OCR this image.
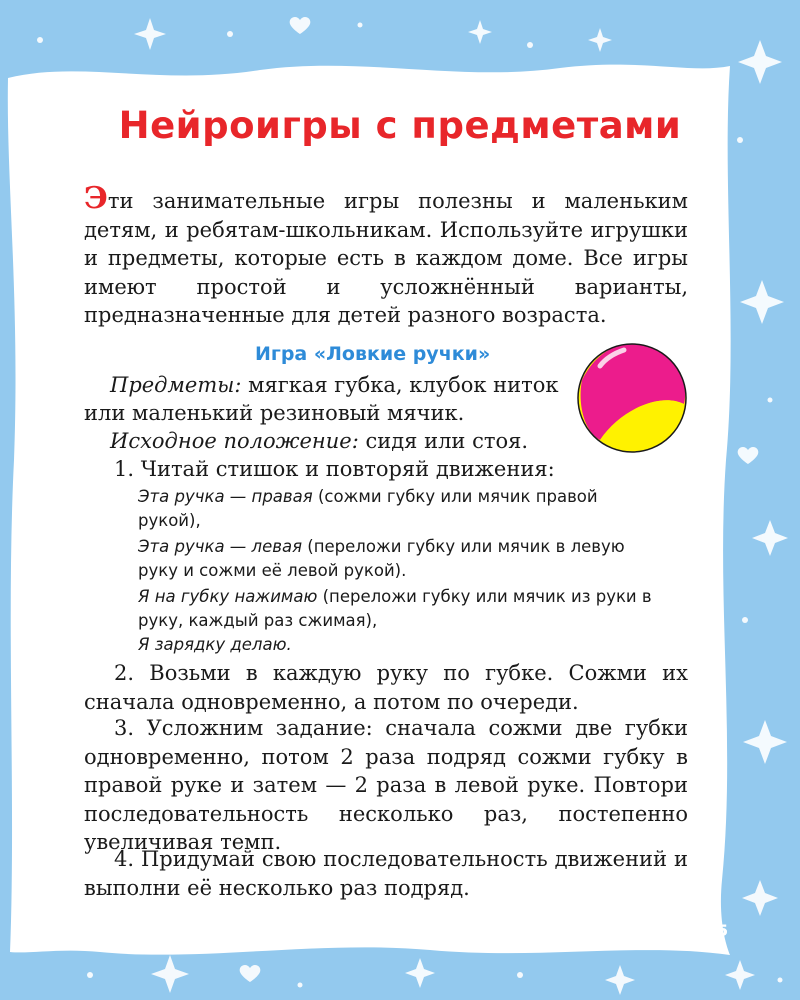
Нейроигры с предметами
Эти занимательные игры полезны и маленьким детям, и ребятам-школьникам. Используйте игрушки и предметы, которые есть в каждом доме. Все игры имеют простой и усложнённый варианты, предназначенные для детей разного возраста.
Игра «Ловкие ручки»
Предметы: мягкая губка, клубок ниток
или маленький резиновый мячик.
Исходное положение: сидя или стоя.
1. Читай стишок и повторяй движения:
Эта ручка — правая (сожми губку или мячик правой рукой),
Эта ручка — левая (переложи губку или мячик в левую руку и сожми её левой рукой).
Я на губку нажимаю (переложи губку или мячик из руки в руку, каждый раз сжимая),
Я зарядку делаю.
2. Возьми в каждую руку по губке. Сожми их сначала одновременно, а потом по очереди.
3. Усложним задание: сначала сожми две губки одновременно, потом 2 раза подряд сожми губку в правой руке и затем — 2 раза в левой руке. Повтори последовательность несколько раз, постепенно увеличивая темп.
4. Придумай свою последовательность движений и выполни её несколько раз подряд.
5
